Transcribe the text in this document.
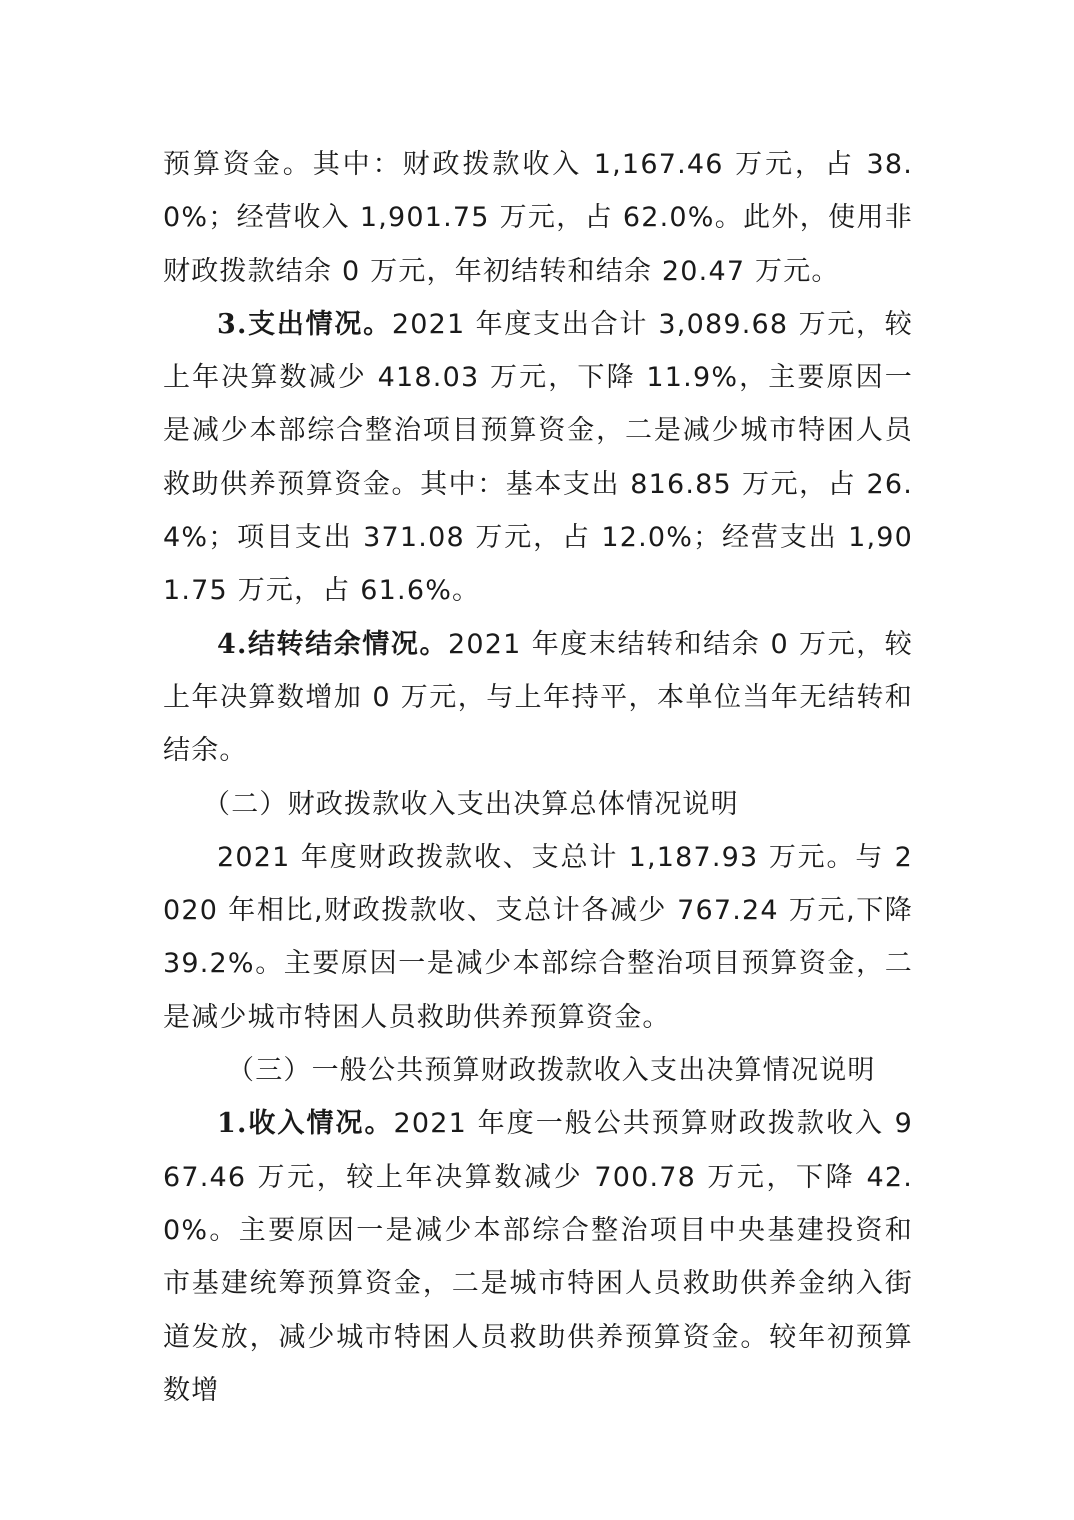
预算资金。其中：财政拨款收入 1,167.46 万元，占 38.0%；经营收入 1,901.75 万元，占 62.0%。此外，使用非财政拨款结余 0 万元，年初结转和结余 20.47 万元。

3.支出情况。2021 年度支出合计 3,089.68 万元，较上年决算数减少 418.03 万元，下降 11.9%，主要原因一是减少本部综合整治项目预算资金，二是减少城市特困人员救助供养预算资金。其中：基本支出 816.85 万元，占 26.4%；项目支出 371.08 万元，占 12.0%；经营支出 1,901.75 万元，占 61.6%。

4.结转结余情况。2021 年度末结转和结余 0 万元，较上年决算数增加 0 万元，与上年持平，本单位当年无结转和结余。

（二）财政拨款收入支出决算总体情况说明

2021 年度财政拨款收、支总计 1,187.93 万元。与 2020 年相比,财政拨款收、支总计各减少 767.24 万元,下降 39.2%。主要原因一是减少本部综合整治项目预算资金，二是减少城市特困人员救助供养预算资金。

（三）一般公共预算财政拨款收入支出决算情况说明

1.收入情况。2021 年度一般公共预算财政拨款收入 967.46 万元，较上年决算数减少 700.78 万元，下降 42.0%。主要原因一是减少本部综合整治项目中央基建投资和市基建统筹预算资金，二是城市特困人员救助供养金纳入街道发放，减少城市特困人员救助供养预算资金。较年初预算数增
